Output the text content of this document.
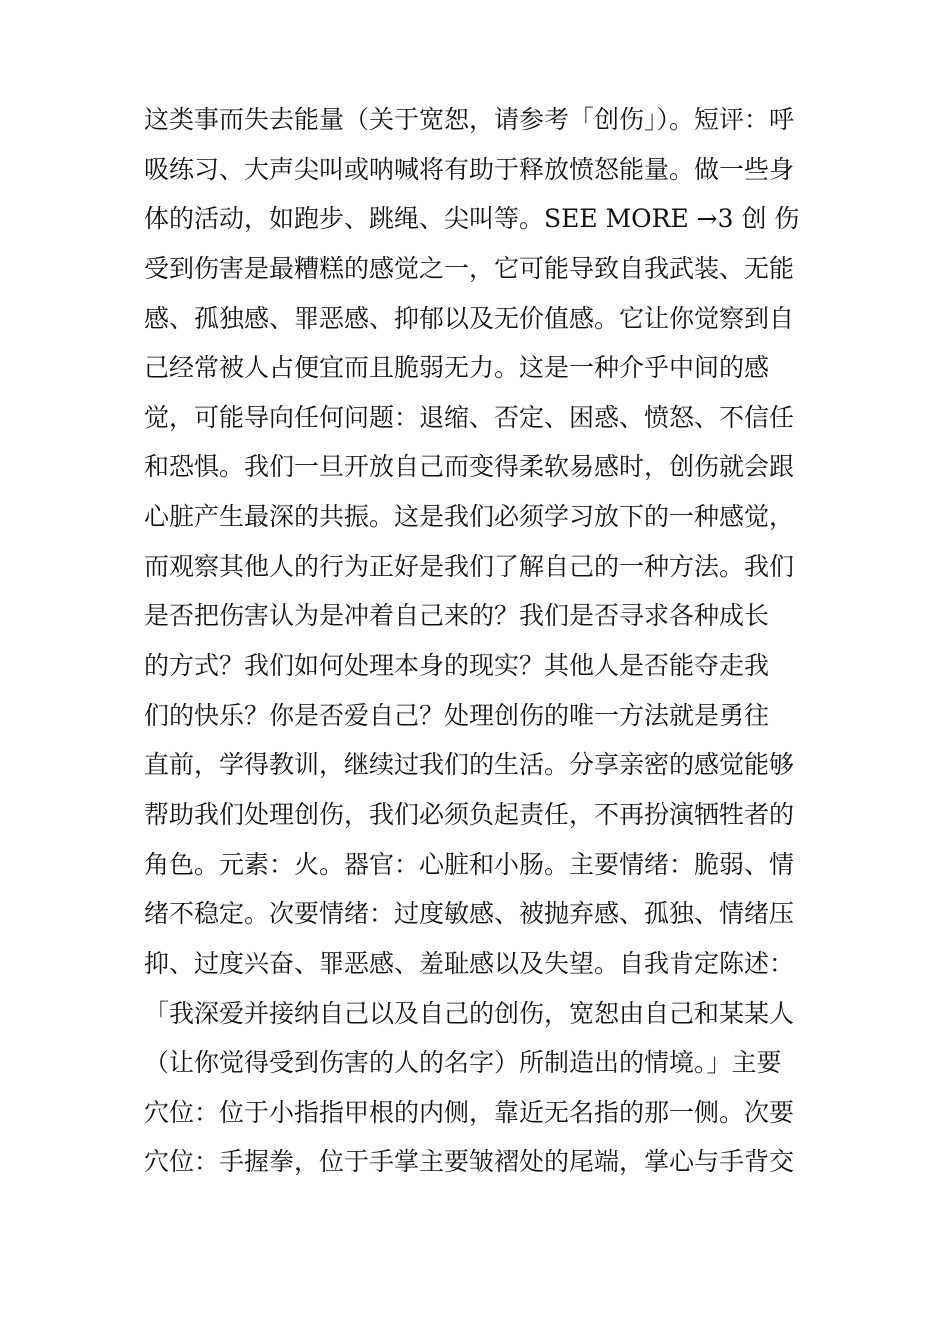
这类事而失去能量（关于宽恕，请参考「创伤」）。短评：呼
吸练习、大声尖叫或呐喊将有助于释放愤怒能量。做一些身
体的活动，如跑步、跳绳、尖叫等。SEE MORE →3 创 伤
受到伤害是最糟糕的感觉之一，它可能导致自我武装、无能
感、孤独感、罪恶感、抑郁以及无价值感。它让你觉察到自
己经常被人占便宜而且脆弱无力。这是一种介乎中间的感
觉，可能导向任何问题：退缩、否定、困惑、愤怒、不信任
和恐惧。我们一旦开放自己而变得柔软易感时，创伤就会跟
心脏产生最深的共振。这是我们必须学习放下的一种感觉，
而观察其他人的行为正好是我们了解自己的一种方法。我们
是否把伤害认为是冲着自己来的？我们是否寻求各种成长
的方式？我们如何处理本身的现实？其他人是否能夺走我
们的快乐？你是否爱自己？处理创伤的唯一方法就是勇往
直前，学得教训，继续过我们的生活。分享亲密的感觉能够
帮助我们处理创伤，我们必须负起责任，不再扮演牺牲者的
角色。元素：火。器官：心脏和小肠。主要情绪：脆弱、情
绪不稳定。次要情绪：过度敏感、被抛弃感、孤独、情绪压
抑、过度兴奋、罪恶感、羞耻感以及失望。自我肯定陈述：
「我深爱并接纳自己以及自己的创伤，宽恕由自己和某某人
（让你觉得受到伤害的人的名字）所制造出的情境。」主要
穴位：位于小指指甲根的内侧，靠近无名指的那一侧。次要
穴位：手握拳，位于手掌主要皱褶处的尾端，掌心与手背交
